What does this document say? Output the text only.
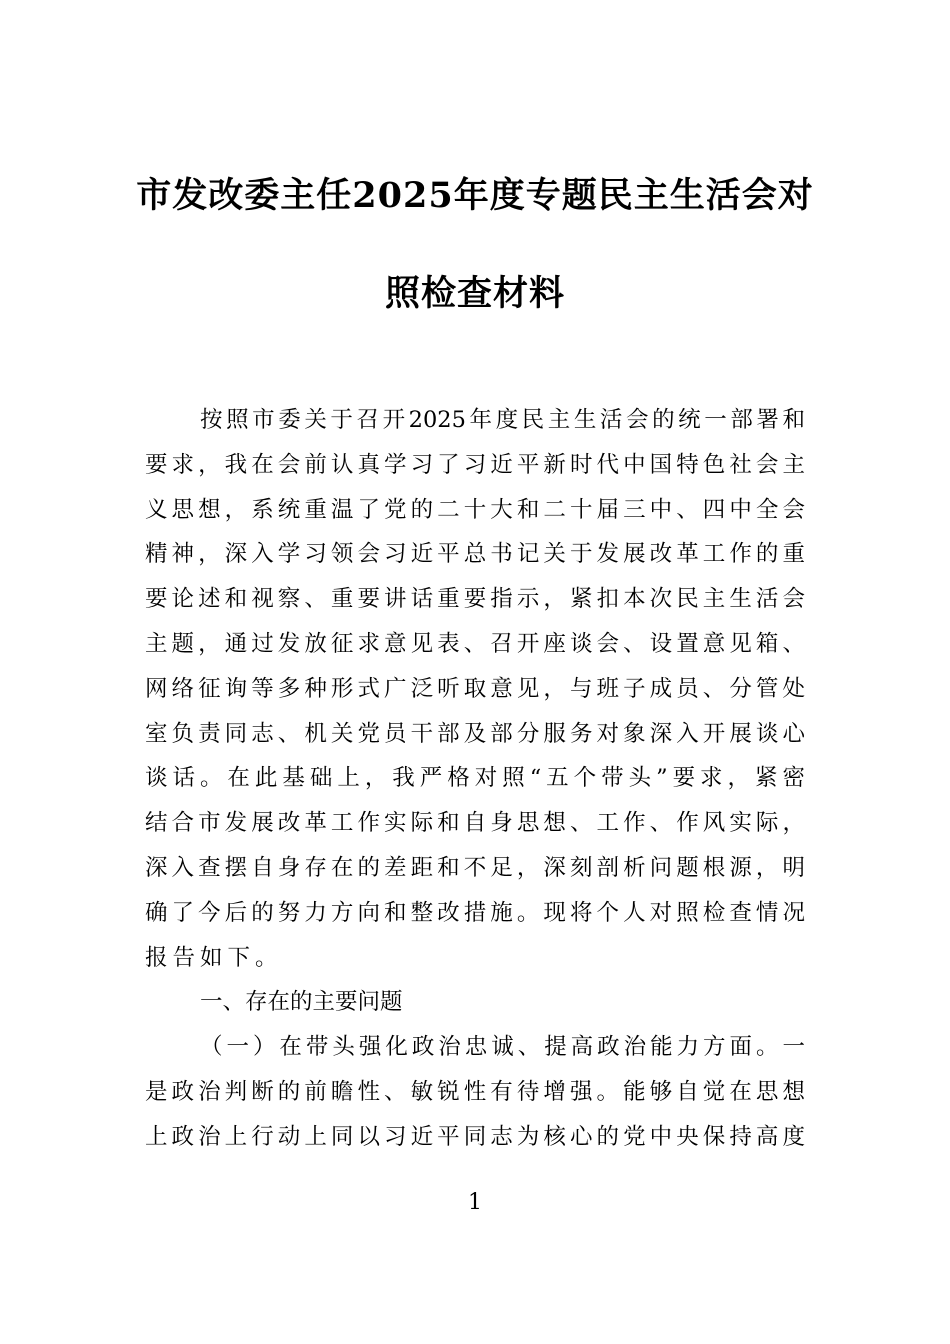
市发改委主任2025年度专题民主生活会对
照检查材料
按照市委关于召开2025年度民主生活会的统一部署和
要求，我在会前认真学习了习近平新时代中国特色社会主
义思想，系统重温了党的二十大和二十届三中、四中全会
精神，深入学习领会习近平总书记关于发展改革工作的重
要论述和视察、重要讲话重要指示，紧扣本次民主生活会
主题，通过发放征求意见表、召开座谈会、设置意见箱、
网络征询等多种形式广泛听取意见，与班子成员、分管处
室负责同志、机关党员干部及部分服务对象深入开展谈心
谈话。在此基础上，我严格对照“五个带头”要求，紧密
结合市发展改革工作实际和自身思想、工作、作风实际，
深入查摆自身存在的差距和不足，深刻剖析问题根源，明
确了今后的努力方向和整改措施。现将个人对照检查情况
报告如下。
一、存在的主要问题
（一）在带头强化政治忠诚、提高政治能力方面。一
是政治判断的前瞻性、敏锐性有待增强。能够自觉在思想
上政治上行动上同以习近平同志为核心的党中央保持高度
1
